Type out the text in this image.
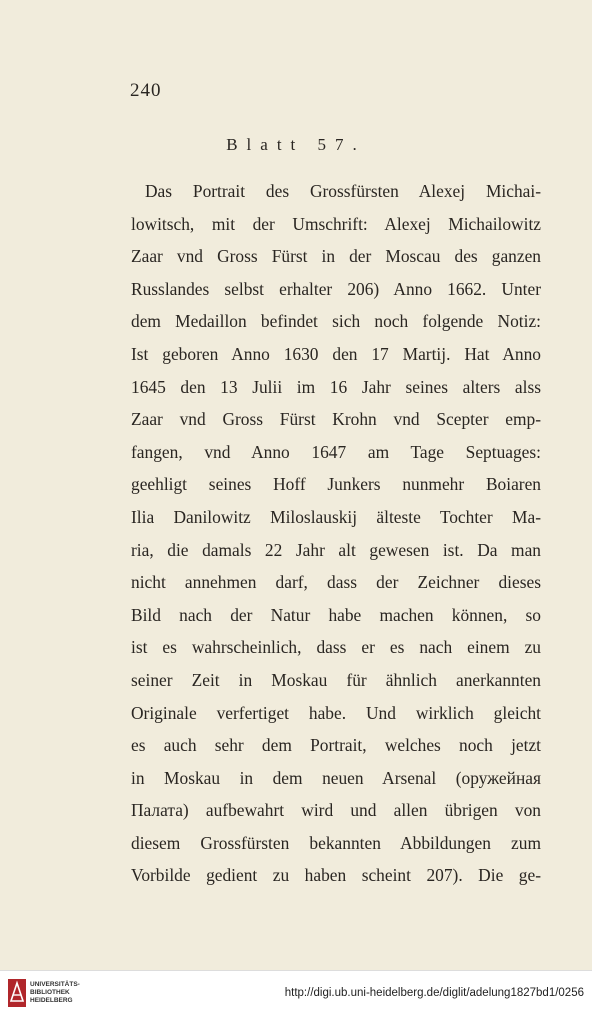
240
Blatt 57.
Das Portrait des Grossfürsten Alexej Michai-
lowitsch, mit der Umschrift: Alexej Michailowitz
Zaar vnd Gross Fürst in der Moscau des ganzen
Russlandes selbst erhalter 206) Anno 1662. Unter
dem Medaillon befindet sich noch folgende Notiz:
Ist geboren Anno 1630 den 17 Martij. Hat Anno
1645 den 13 Julii im 16 Jahr seines alters alss
Zaar vnd Gross Fürst Krohn vnd Scepter emp-
fangen, vnd Anno 1647 am Tage Septuages:
geehligt seines Hoff Junkers nunmehr Boiaren
Ilia Danilowitz Miloslauskij älteste Tochter Ma-
ria, die damals 22 Jahr alt gewesen ist. Da man
nicht annehmen darf, dass der Zeichner dieses
Bild nach der Natur habe machen können, so
ist es wahrscheinlich, dass er es nach einem zu
seiner Zeit in Moskau für ähnlich anerkannten
Originale verfertiget habe. Und wirklich gleicht
es auch sehr dem Portrait, welches noch jetzt
in Moskau in dem neuen Arsenal (оружейная
Палата) aufbewahrt wird und allen übrigen von
diesem Grossfürsten bekannten Abbildungen zum
Vorbilde gedient zu haben scheint 207). Die ge-
UNIVERSITÄTS-
BIBLIOTHEK
HEIDELBERG
http://digi.ub.uni-heidelberg.de/diglit/adelung1827bd1/0256
